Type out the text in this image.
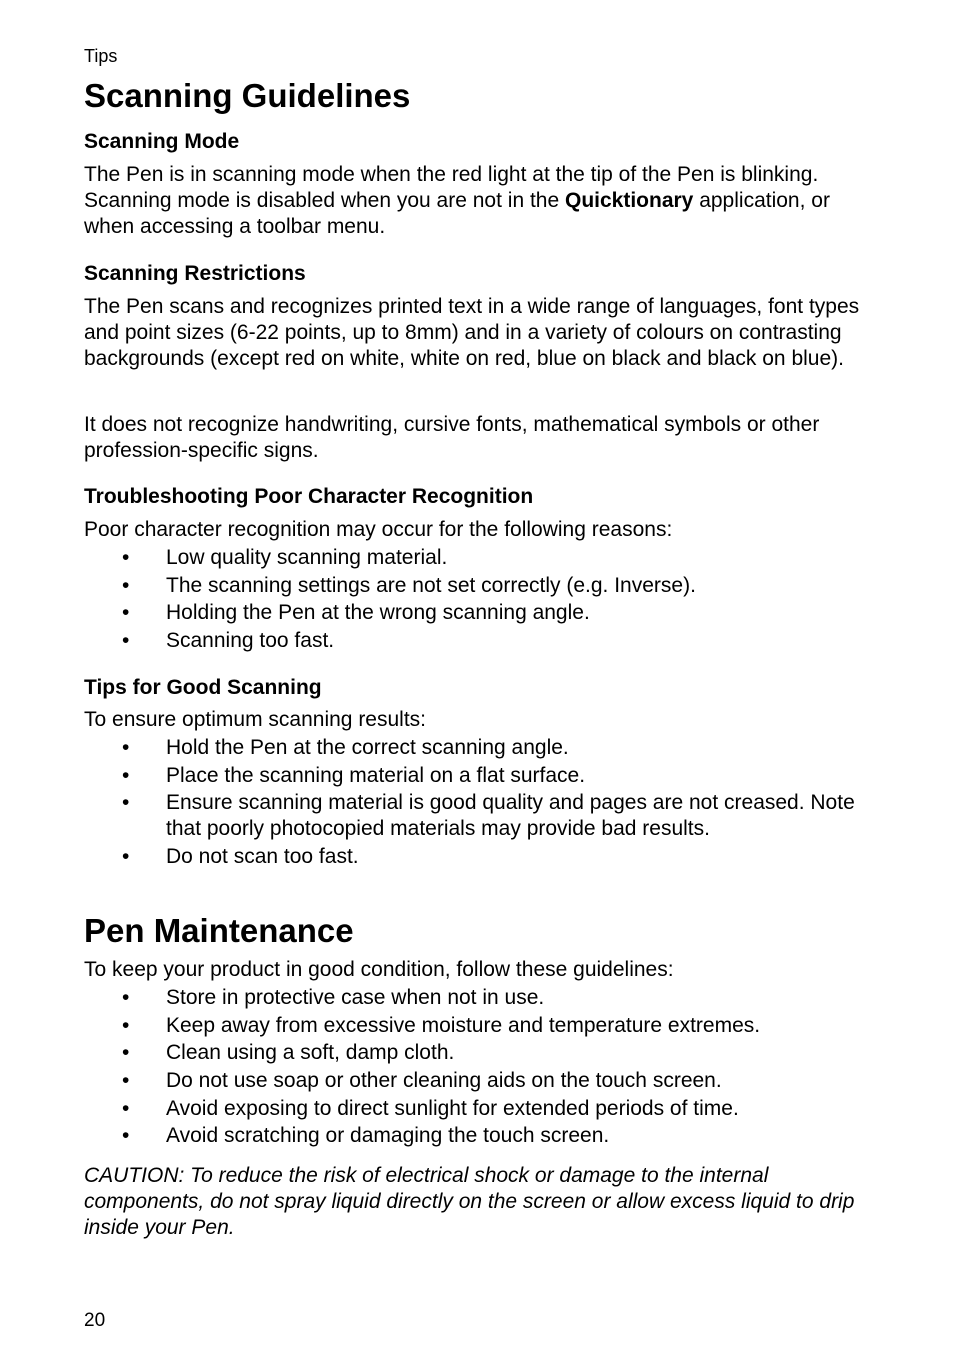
Tips
Scanning Guidelines
Scanning Mode

The Pen is in scanning mode when the red light at the tip of the Pen is blinking. Scanning mode is disabled when you are not in the Quicktionary application, or when accessing a toolbar menu.

Scanning Restrictions

The Pen scans and recognizes printed text in a wide range of languages, font types and point sizes (6-22 points, up to 8mm) and in a variety of colours on contrasting backgrounds (except red on white, white on red, blue on black and black on blue).

It does not recognize handwriting, cursive fonts, mathematical symbols or other profession-specific signs.

Troubleshooting Poor Character Recognition

Poor character recognition may occur for the following reasons:

• Low quality scanning material.
• The scanning settings are not set correctly (e.g. Inverse).
• Holding the Pen at the wrong scanning angle.
• Scanning too fast.
Tips for Good Scanning

To ensure optimum scanning results:

• Hold the Pen at the correct scanning angle.
• Place the scanning material on a flat surface.
• Ensure scanning material is good quality and pages are not creased. Note that poorly photocopied materials may provide bad results.
• Do not scan too fast.
Pen Maintenance

To keep your product in good condition, follow these guidelines:

• Store in protective case when not in use.
• Keep away from excessive moisture and temperature extremes.
• Clean using a soft, damp cloth.
• Do not use soap or other cleaning aids on the touch screen.
• Avoid exposing to direct sunlight for extended periods of time.
• Avoid scratching or damaging the touch screen.

CAUTION: To reduce the risk of electrical shock or damage to the internal components, do not spray liquid directly on the screen or allow excess liquid to drip inside your Pen.

20
